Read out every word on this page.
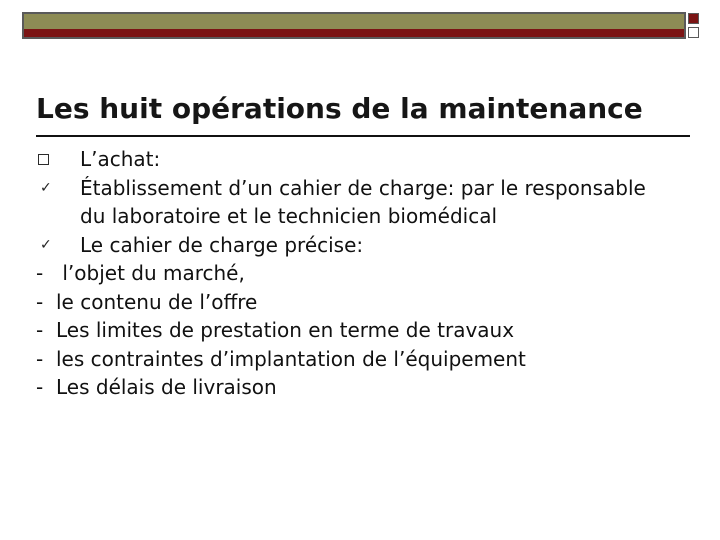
Les huit opérations de la maintenance
L’achat:
✓ Établissement d’un cahier de charge: par le responsable
du laboratoire et le technicien biomédical
✓ Le cahier de charge précise:
- l’objet du marché,
- le contenu de l’offre
- Les limites de prestation en terme de travaux
- les contraintes d’implantation de l’équipement
- Les délais de livraison
